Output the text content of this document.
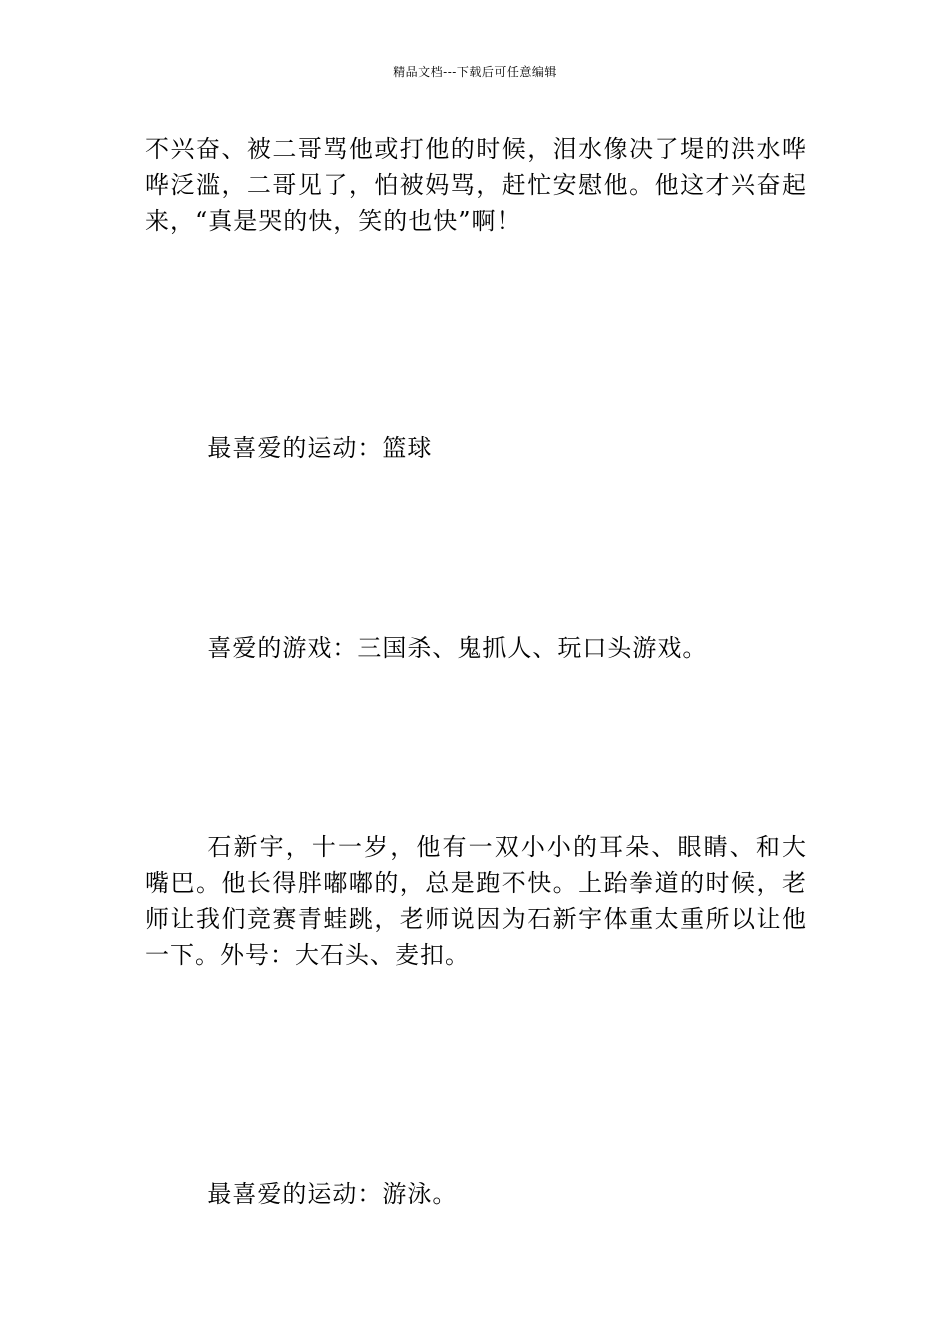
精品文档---下载后可任意编辑

不兴奋、被二哥骂他或打他的时候，泪水像决了堤的洪水哗哗泛滥，二哥见了，怕被妈骂，赶忙安慰他。他这才兴奋起来，“真是哭的快，笑的也快”啊！

最喜爱的运动：篮球

喜爱的游戏：三国杀、鬼抓人、玩口头游戏。

石新宇，十一岁，他有一双小小的耳朵、眼睛、和大嘴巴。他长得胖嘟嘟的，总是跑不快。上跆拳道的时候，老师让我们竞赛青蛙跳，老师说因为石新宇体重太重所以让他一下。外号：大石头、麦扣。

最喜爱的运动：游泳。
